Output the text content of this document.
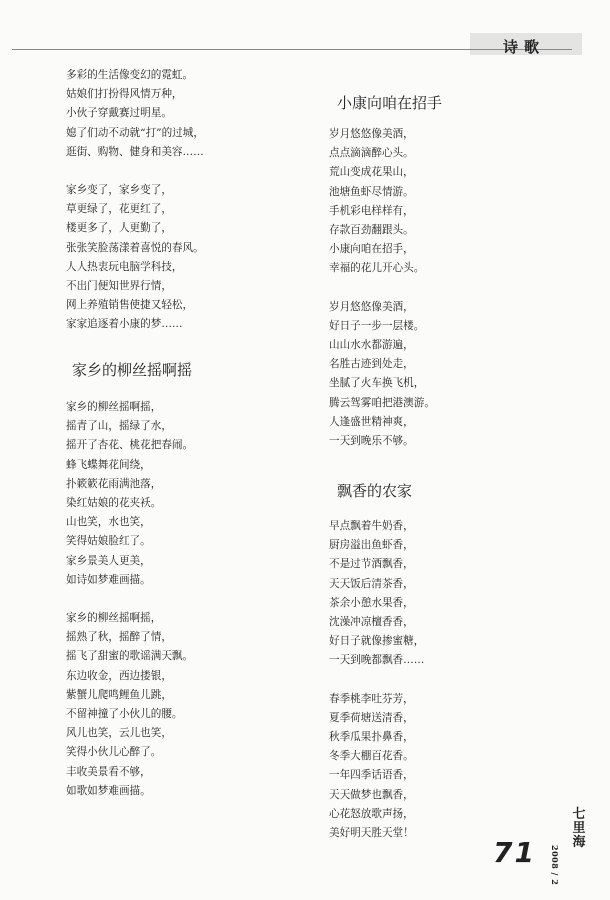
诗歌
多彩的生活像变幻的霓虹。
姑娘们打扮得风情万种，
小伙子穿戴赛过明星。
媳了们动不动就“打”的过城，
逛街、购物、健身和美容……
家乡变了，家乡变了，
草更绿了，花更红了，
楼更多了，人更勤了，
张张笑脸荡漾着喜悦的春风。
人人热衷玩电脑学科技，
不出门便知世界行情，
网上养殖销售使捷又轻松，
家家追逐着小康的梦……
家乡的柳丝摇啊摇
家乡的柳丝摇啊摇，
摇青了山，摇绿了水，
摇开了杏花、桃花把春闹。
蜂飞蝶舞花间绕，
扑簌簌花雨满池落，
染红姑娘的花夹袄。
山也笑，水也笑，
笑得姑娘脸红了。
家乡景美人更美，
如诗如梦难画描。
家乡的柳丝摇啊摇，
摇熟了秋，摇醉了情，
摇飞了甜蜜的歌谣满天飘。
东边收金，西边搂银，
紫蟹儿爬鸣鲤鱼儿跳，
不留神撞了小伙儿的腰。
风儿也笑，云儿也笑，
笑得小伙儿心醉了。
丰收美景看不够，
如歌如梦难画描。
小康向咱在招手
岁月悠悠像美酒，
点点滴滴醉心头。
荒山变成花果山，
池塘鱼虾尽情游。
手机彩电样样有，
存款百劲翻跟头。
小康向咱在招手，
幸福的花儿开心头。
岁月悠悠像美酒，
好日子一步一层楼。
山山水水都游遍，
名胜古迹到处走，
坐腻了火车换飞机，
腾云驾雾咱把港澳游。
人逢盛世精神爽，
一天到晚乐不够。
飘香的农家
早点飘着牛奶香，
厨房溢出鱼虾香，
不是过节酒飘香，
天天饭后清茶香，
茶余小憩水果香，
沈澡冲凉檀香香，
好日子就像掺蜜糖，
一天到晚都飘香……
春季桃李吐芬芳，
夏季荷塘送清香，
秋季瓜果扑鼻香，
冬季大棚百花香。
一年四季话语香，
天天做梦也飘香，
心花怒放歌声扬，
美好明天胜天堂！
七里海
2008 / 2
71
